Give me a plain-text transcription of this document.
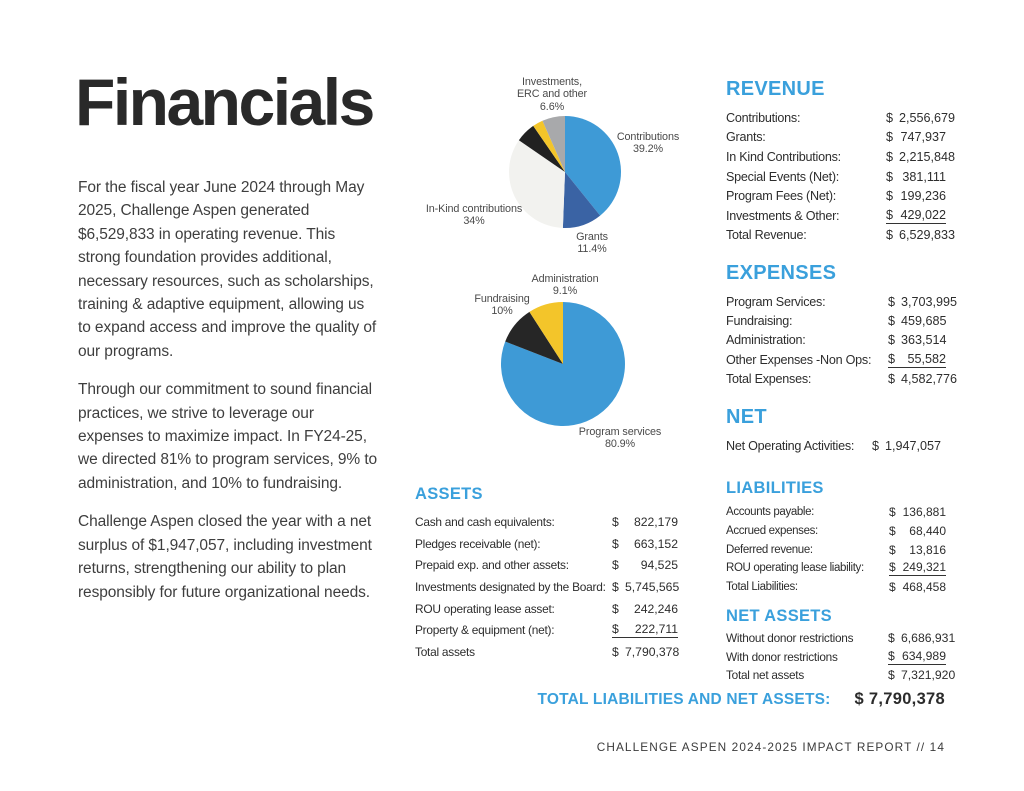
Financials

For the fiscal year June 2024 through May 2025, Challenge Aspen generated $6,529,833 in operating revenue. This strong foundation provides additional, necessary resources, such as scholarships, training & adaptive equipment, allowing us to expand access and improve the quality of our programs.

Through our commitment to sound financial practices, we strive to leverage our expenses to maximize impact. In FY24-25, we directed 81% to program services, 9% to administration, and 10% to fundraising.

Challenge Aspen closed the year with a net surplus of $1,947,057, including investment returns, strengthening our ability to plan responsibly for future organizational needs.

Investments,
ERC and other
6.6%
Contributions
39.2%
Grants
11.4%
In-Kind contributions
34%
Administration
9.1%
Fundraising
10%
Program services
80.9%
REVENUE
Contributions:	$ 2,556,679
Grants:	$ 747,937
In Kind Contributions:	$ 2,215,848
Special Events (Net):	$ 381,111
Program Fees (Net):	$ 199,236
Investments & Other:	$ 429,022
Total Revenue:	$ 6,529,833
EXPENSES
Program Services:	$ 3,703,995
Fundraising:	$ 459,685
Administration:	$ 363,514
Other Expenses -Non Ops:	$ 55,582
Total Expenses:	$ 4,582,776
NET
Net Operating Activities:	$ 1,947,057
LIABILITIES
Accounts payable:	$ 136,881
Accrued expenses:	$	68,440
Deferred revenue:	$	13,816
ROU operating lease liability:	$ 249,321
Total Liabilities:	$ 468,458
NET ASSETS
Without donor restrictions	$ 6,686,931
With donor restrictions	$ 634,989
Total net assets	$ 7,321,920
ASSETS
Cash and cash equivalents:	$	822,179
Pledges receivable (net):	$	663,152
Prepaid exp. and other assets:	$	94,525
Investments designated by the Board: $ 5,745,565
ROU operating lease asset:	$	242,246
Property & equipment (net):	$	222,711
Total assets	$ 7,790,378
TOTAL LIABILITIES AND NET ASSETS: $ 7,790,378
CHALLENGE ASPEN 2024-2025 IMPACT REPORT // 14
